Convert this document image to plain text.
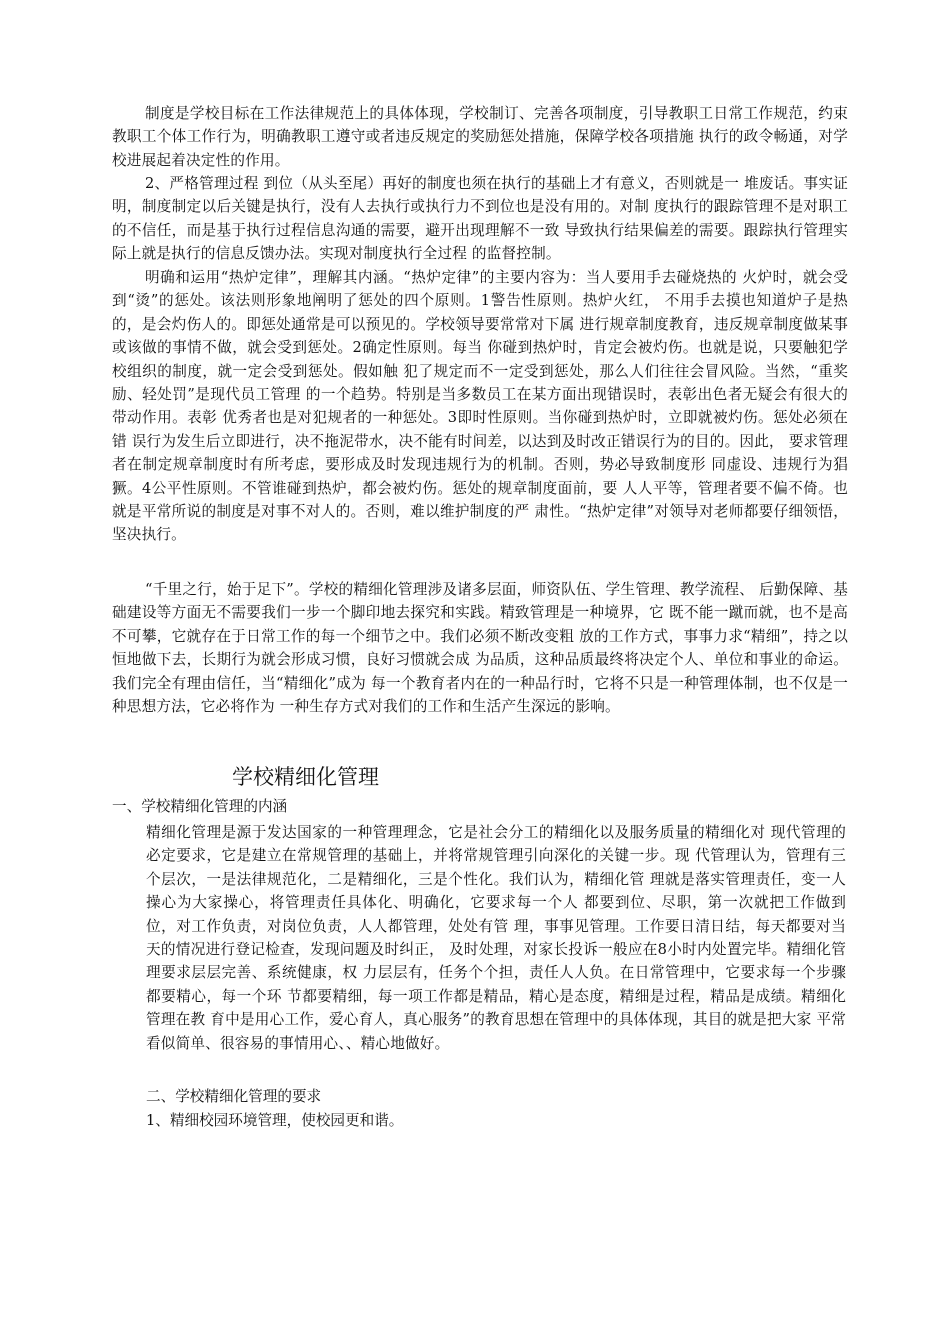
制度是学校目标在工作法律规范上的具体体现，学校制订、完善各项制度，引导教职工日常工作规范，约束教职工个体工作行为，明确教职工遵守或者违反规定的奖励惩处措施，保障学校各项措施 执行的政令畅通，对学校进展起着决定性的作用。

2、严格管理过程 到位（从头至尾）再好的制度也须在执行的基础上才有意义，否则就是一 堆废话。事实证明，制度制定以后关键是执行，没有人去执行或执行力不到位也是没有用的。对制 度执行的跟踪管理不是对职工的不信任，而是基于执行过程信息沟通的需要，避开出现理解不一致 导致执行结果偏差的需要。跟踪执行管理实际上就是执行的信息反馈办法。实现对制度执行全过程 的监督控制。

明确和运用“热炉定律”，理解其内涵。“热炉定律”的主要内容为：当人要用手去碰烧热的 火炉时，就会受到“烫”的惩处。该法则形象地阐明了惩处的四个原则。1警告性原则。热炉火红， 不用手去摸也知道炉子是热的，是会灼伤人的。即惩处通常是可以预见的。学校领导要常常对下属 进行规章制度教育，违反规章制度做某事或该做的事情不做，就会受到惩处。2确定性原则。每当 你碰到热炉时，肯定会被灼伤。也就是说，只要触犯学校组织的制度，就一定会受到惩处。假如触 犯了规定而不一定受到惩处，那么人们往往会冒风险。当然，“重奖励、轻处罚”是现代员工管理 的一个趋势。特别是当多数员工在某方面出现错误时，表彰出色者无疑会有很大的带动作用。表彰 优秀者也是对犯规者的一种惩处。3即时性原则。当你碰到热炉时，立即就被灼伤。惩处必须在错 误行为发生后立即进行，决不拖泥带水，决不能有时间差，以达到及时改正错误行为的目的。因此， 要求管理者在制定规章制度时有所考虑，要形成及时发现违规行为的机制。否则，势必导致制度形 同虚设、违规行为猖獗。4公平性原则。不管谁碰到热炉，都会被灼伤。惩处的规章制度面前，要 人人平等，管理者要不偏不倚。也就是平常所说的制度是对事不对人的。否则，难以维护制度的严 肃性。“热炉定律”对领导对老师都要仔细领悟，坚决执行。

“千里之行，始于足下”。学校的精细化管理涉及诸多层面，师资队伍、学生管理、教学流程、 后勤保障、基础建设等方面无不需要我们一步一个脚印地去探究和实践。精致管理是一种境界，它 既不能一蹴而就，也不是高不可攀，它就存在于日常工作的每一个细节之中。我们必须不断改变粗 放的工作方式，事事力求“精细”，持之以恒地做下去，长期行为就会形成习惯，良好习惯就会成 为品质，这种品质最终将决定个人、单位和事业的命运。我们完全有理由信任，当“精细化”成为 每一个教育者内在的一种品行时，它将不只是一种管理体制，也不仅是一种思想方法，它必将作为 一种生存方式对我们的工作和生活产生深远的影响。

学校精细化管理

一、学校精细化管理的内涵

精细化管理是源于发达国家的一种管理理念，它是社会分工的精细化以及服务质量的精细化对 现代管理的必定要求，它是建立在常规管理的基础上，并将常规管理引向深化的关键一步。现 代管理认为，管理有三个层次，一是法律规范化，二是精细化，三是个性化。我们认为，精细化管 理就是落实管理责任，变一人操心为大家操心，将管理责任具体化、明确化，它要求每一个人 都要到位、尽职，第一次就把工作做到位，对工作负责，对岗位负责，人人都管理，处处有管 理，事事见管理。工作要日清日结，每天都要对当天的情况进行登记检查，发现问题及时纠正， 及时处理，对家长投诉一般应在8小时内处置完毕。精细化管理要求层层完善、系统健康，权 力层层有，任务个个担，责任人人负。在日常管理中，它要求每一个步骤都要精心，每一个环 节都要精细，每一项工作都是精品，精心是态度，精细是过程，精品是成绩。精细化管理在教 育中是用心工作，爱心育人，真心服务”的教育思想在管理中的具体体现，其目的就是把大家 平常看似简单、很容易的事情用心、、精心地做好。

二、学校精细化管理的要求

1、精细校园环境管理，使校园更和谐。
